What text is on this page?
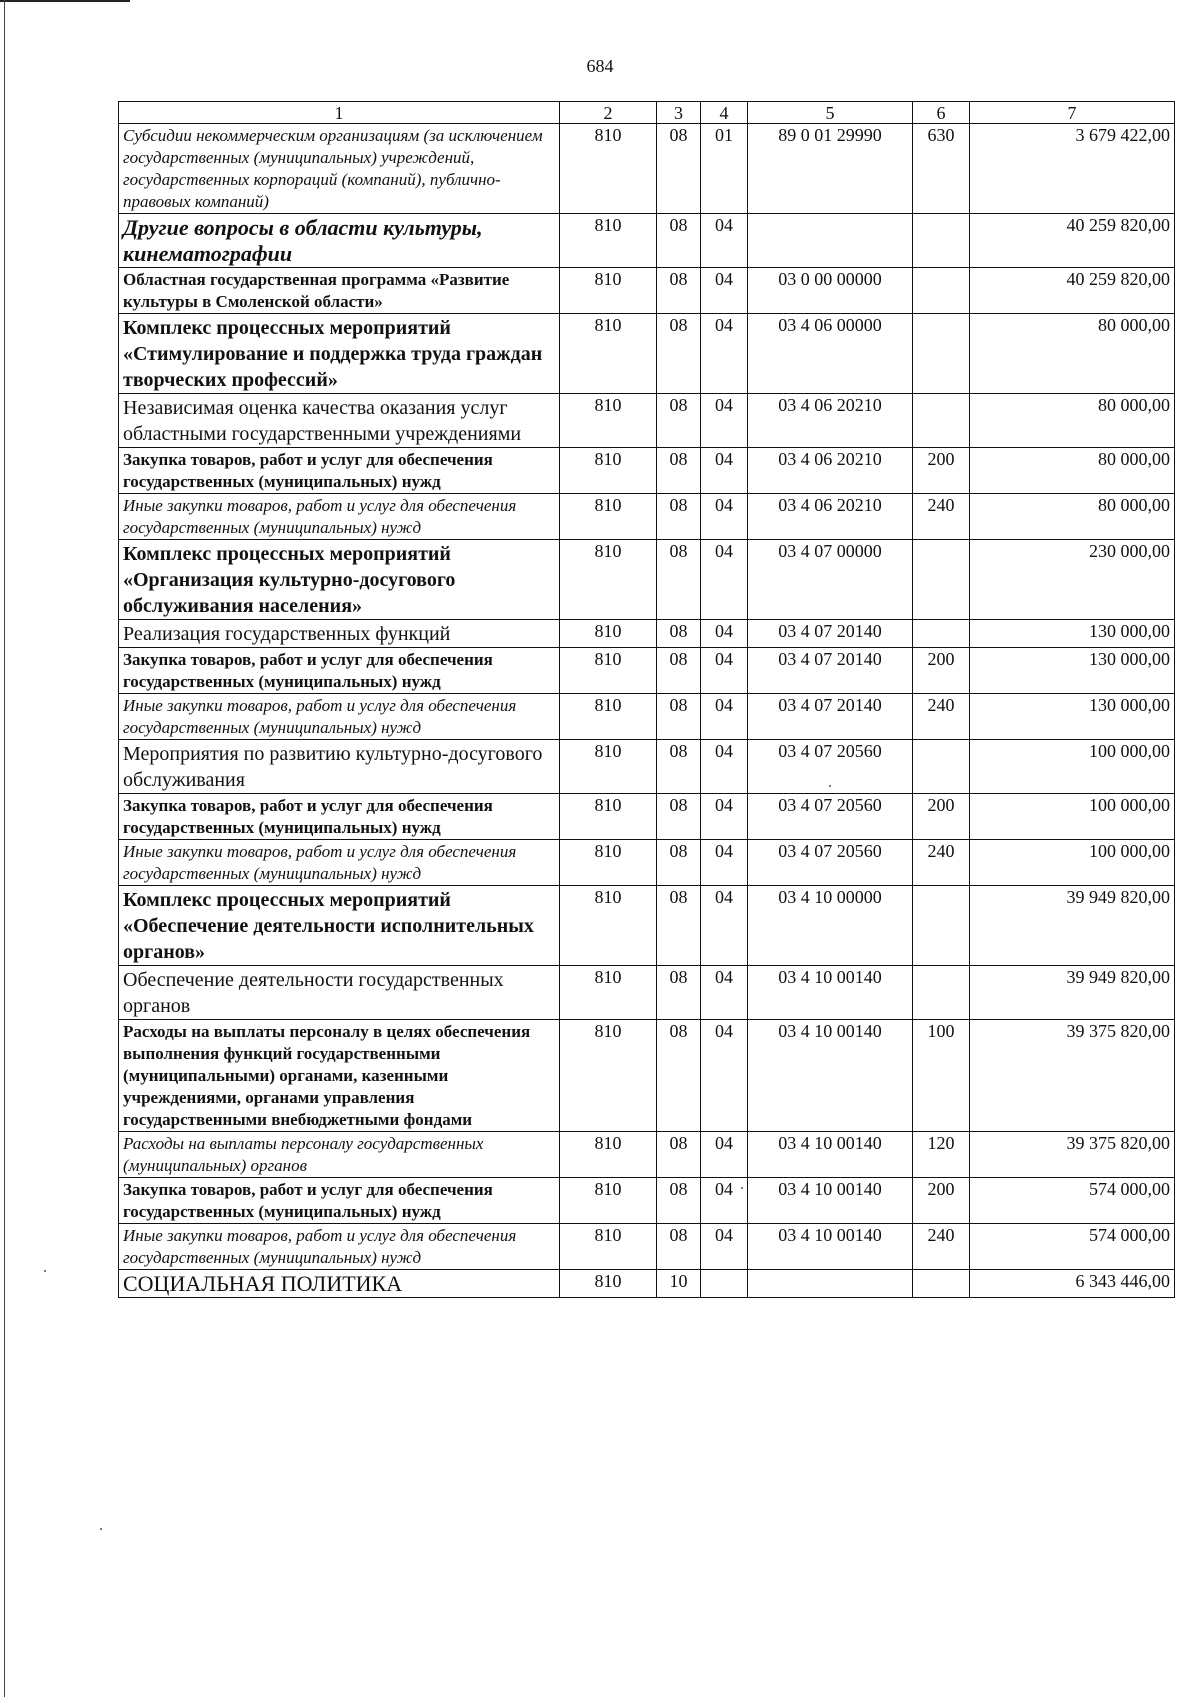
684
1	2	3	4	5	6	7
Субсидии некоммерческим организациям (за исключением государственных (муниципальных) учреждений, государственных корпораций (компаний), публично-правовых компаний)	810	08	01	89 0 01 29990	630	3 679 422,00
Другие вопросы в области культуры, кинематографии	810	08	04			40 259 820,00
Областная государственная программа «Развитие культуры в Смоленской области»	810	08	04	03 0 00 00000		40 259 820,00
Комплекс процессных мероприятий «Стимулирование и поддержка труда граждан творческих профессий»	810	08	04	03 4 06 00000		80 000,00
Независимая оценка качества оказания услуг областными государственными учреждениями	810	08	04	03 4 06 20210		80 000,00
Закупка товаров, работ и услуг для обеспечения государственных (муниципальных) нужд	810	08	04	03 4 06 20210	200	80 000,00
Иные закупки товаров, работ и услуг для обеспечения государственных (муниципальных) нужд	810	08	04	03 4 06 20210	240	80 000,00
Комплекс процессных мероприятий «Организация культурно-досугового обслуживания населения»	810	08	04	03 4 07 00000		230 000,00
Реализация государственных функций	810	08	04	03 4 07 20140		130 000,00
Закупка товаров, работ и услуг для обеспечения государственных (муниципальных) нужд	810	08	04	03 4 07 20140	200	130 000,00
Иные закупки товаров, работ и услуг для обеспечения государственных (муниципальных) нужд	810	08	04	03 4 07 20140	240	130 000,00
Мероприятия по развитию культурно-досугового обслуживания	810	08	04	03 4 07 20560		100 000,00
Закупка товаров, работ и услуг для обеспечения государственных (муниципальных) нужд	810	08	04	03 4 07 20560	200	100 000,00
Иные закупки товаров, работ и услуг для обеспечения государственных (муниципальных) нужд	810	08	04	03 4 07 20560	240	100 000,00
Комплекс процессных мероприятий «Обеспечение деятельности исполнительных органов»	810	08	04	03 4 10 00000		39 949 820,00
Обеспечение деятельности государственных органов	810	08	04	03 4 10 00140		39 949 820,00
Расходы на выплаты персоналу в целях обеспечения выполнения функций государственными (муниципальными) органами, казенными учреждениями, органами управления государственными внебюджетными фондами	810	08	04	03 4 10 00140	100	39 375 820,00
Расходы на выплаты персоналу государственных (муниципальных) органов	810	08	04	03 4 10 00140	120	39 375 820,00
Закупка товаров, работ и услуг для обеспечения государственных (муниципальных) нужд	810	08	04	03 4 10 00140	200	574 000,00
Иные закупки товаров, работ и услуг для обеспечения государственных (муниципальных) нужд	810	08	04	03 4 10 00140	240	574 000,00
СОЦИАЛЬНАЯ ПОЛИТИКА	810	10				6 343 446,00
